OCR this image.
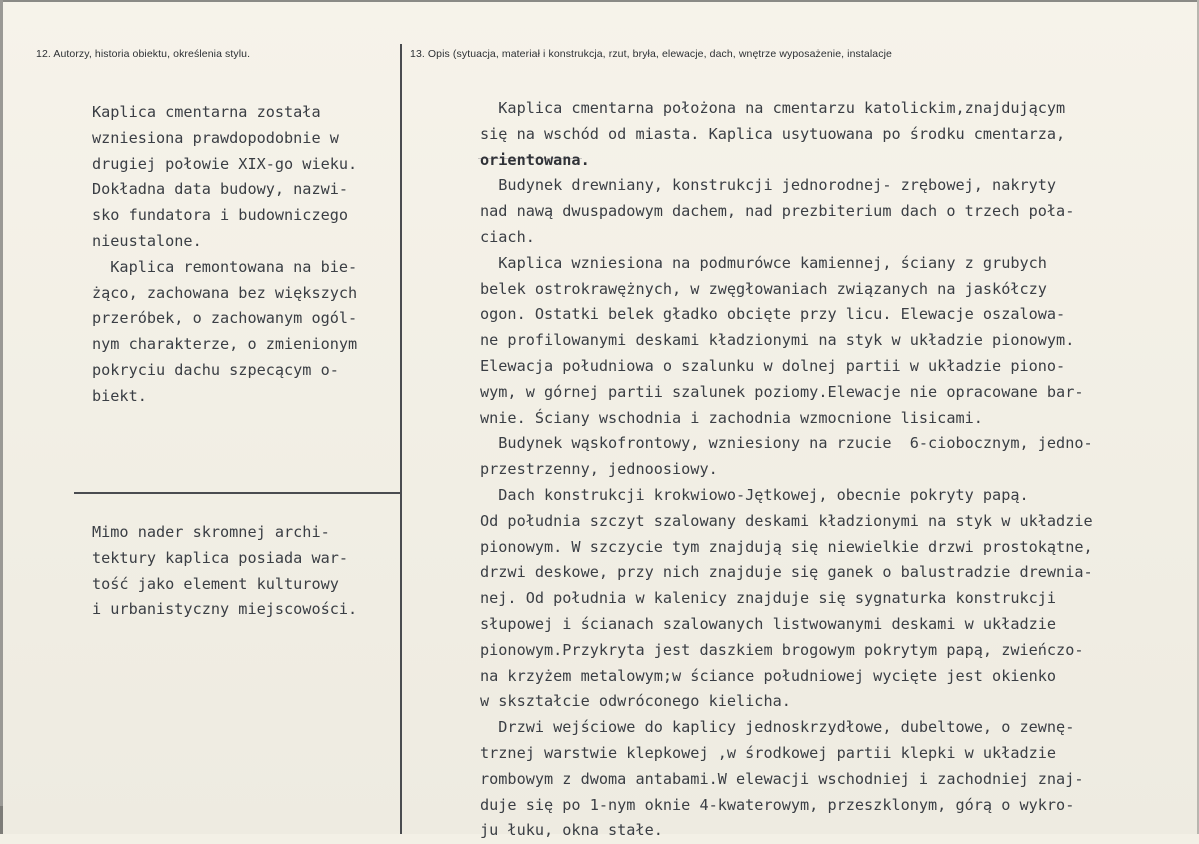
12. Autorzy, historia obiektu, określenia stylu.	13. Opis (sytuacja, materiał i konstrukcja, rzut, bryła, elewacje, dach, wnętrze wyposażenie, instalacje
Kaplica cmentarna została
wzniesiona prawdopodobnie w
drugiej połowie XIX-go wieku.
Dokładna data budowy, nazwi-
sko fundatora i budowniczego
nieustalone.
Kaplica remontowana na bie-
żąco, zachowana bez większych
przeróbek, o zachowanym ogól-
nym charakterze, o zmienionym
pokryciu dachu szpecącym o-
biekt.
Mimo nader skromnej archi-
tektury kaplica posiada war-
tość jako element kulturowy
i urbanistyczny miejscowości.
Kaplica cmentarna położona na cmentarzu katolickim,znajdującym
się na wschód od miasta. Kaplica usytuowana po środku cmentarza,
orientowana.
Budynek drewniany, konstrukcji jednorodnej- zrębowej, nakryty
nad nawą dwuspadowym dachem, nad prezbiterium dach o trzech poła-
ciach.
Kaplica wzniesiona na podmurówce kamiennej, ściany z grubych
belek ostrokrawężnych, w zwęgłowaniach związanych na jaskółczy
ogon. Ostatki belek gładko obcięte przy licu. Elewacje oszalowa-
ne profilowanymi deskami kładzionymi na styk w układzie pionowym.
Elewacja południowa o szalunku w dolnej partii w układzie piono-
wym, w górnej partii szalunek poziomy.Elewacje nie opracowane bar-
wnie. Ściany wschodnia i zachodnia wzmocnione lisicami.
Budynek wąskofrontowy, wzniesiony na rzucie  6-ciobocznym, jedno-
przestrzenny, jednoosiowy.
Dach konstrukcji krokwiowo-Jętkowej, obecnie pokryty papą.
Od południa szczyt szalowany deskami kładzionymi na styk w układzie
pionowym. W szczycie tym znajdują się niewielkie drzwi prostokątne,
drzwi deskowe, przy nich znajduje się ganek o balustradzie drewnia-
nej. Od południa w kalenicy znajduje się sygnaturka konstrukcji
słupowej i ścianach szalowanych listwowanymi deskami w układzie
pionowym.Przykryta jest daszkiem brogowym pokrytym papą, zwieńczo-
na krzyżem metalowym;w ściance południowej wycięte jest okienko
w skształcie odwróconego kielicha.
Drzwi wejściowe do kaplicy jednoskrzydłowe, dubeltowe, o zewnę-
trznej warstwie klepkowej ,w środkowej partii klepki w układzie
rombowym z dwoma antabami.W elewacji wschodniej i zachodniej znaj-
duje się po 1-nym oknie 4-kwaterowym, przeszklonym, górą o wykro-
ju łuku, okna stałe.
